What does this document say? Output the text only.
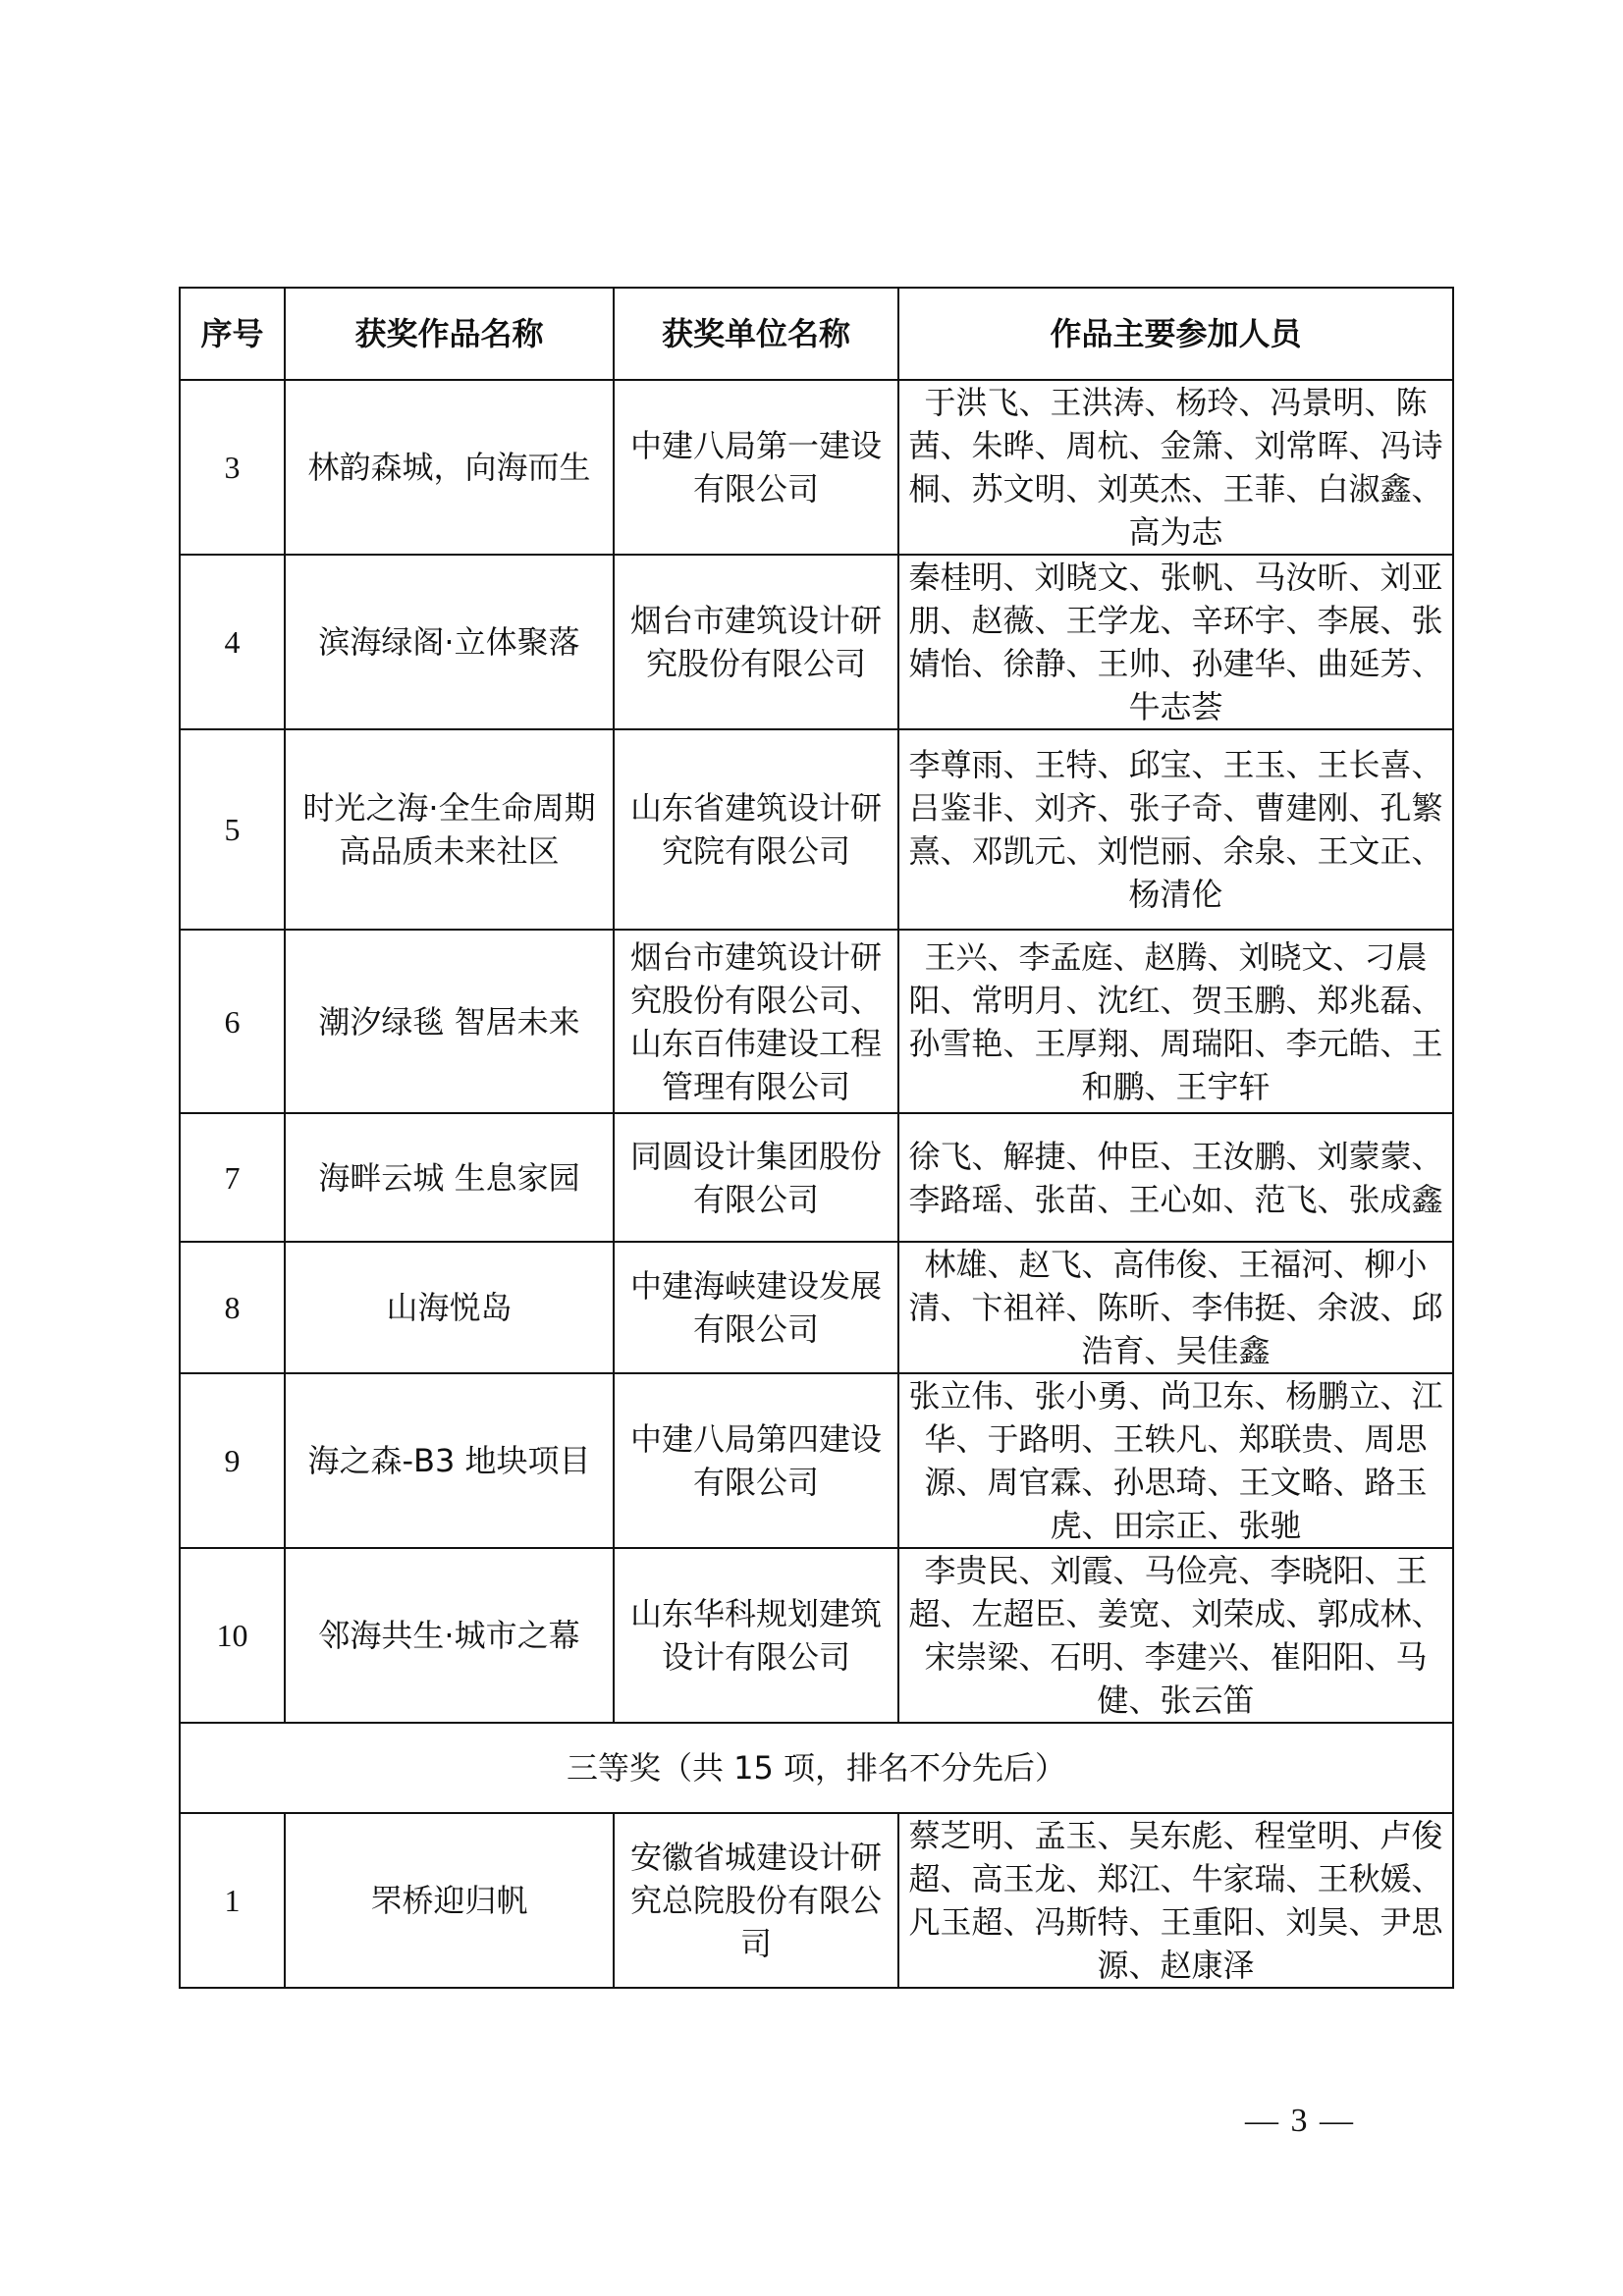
序号	获奖作品名称	获奖单位名称	作品主要参加人员
3	林韵森城，向海而生	中建八局第一建设有限公司	于洪飞、王洪涛、杨玲、冯景明、陈茜、朱晔、周杭、金箫、刘常晖、冯诗桐、苏文明、刘英杰、王菲、白淑鑫、高为志
4	滨海绿阁·立体聚落	烟台市建筑设计研究股份有限公司	秦桂明、刘晓文、张帆、马汝昕、刘亚朋、赵薇、王学龙、辛环宇、李展、张婧怡、徐静、王帅、孙建华、曲延芳、牛志荟
5	时光之海·全生命周期高品质未来社区	山东省建筑设计研究院有限公司	李尊雨、王特、邱宝、王玉、王长喜、吕鉴非、刘齐、张子奇、曹建刚、孔繁熹、邓凯元、刘恺丽、余泉、王文正、杨清伦
6	潮汐绿毯 智居未来	烟台市建筑设计研究股份有限公司、山东百伟建设工程管理有限公司	王兴、李孟庭、赵腾、刘晓文、刁晨阳、常明月、沈红、贺玉鹏、郑兆磊、孙雪艳、王厚翔、周瑞阳、李元皓、王和鹏、王宇轩
7	海畔云城 生息家园	同圆设计集团股份有限公司	徐飞、解捷、仲臣、王汝鹏、刘蒙蒙、李路瑶、张苗、王心如、范飞、张成鑫
8	山海悦岛	中建海峡建设发展有限公司	林雄、赵飞、高伟俊、王福河、柳小清、卞祖祥、陈昕、李伟挺、余波、邱浩育、吴佳鑫
9	海之森-B3 地块项目	中建八局第四建设有限公司	张立伟、张小勇、尚卫东、杨鹏立、江华、于路明、王轶凡、郑联贵、周思源、周官霖、孙思琦、王文略、路玉虎、田宗正、张驰
10	邻海共生·城市之幕	山东华科规划建筑设计有限公司	李贵民、刘霞、马俭亮、李晓阳、王超、左超臣、姜宽、刘荣成、郭成林、宋崇梁、石明、李建兴、崔阳阳、马健、张云笛
三等奖（共 15 项，排名不分先后）			
1	罘桥迎归帆	安徽省城建设计研究总院股份有限公司	蔡芝明、孟玉、吴东彪、程堂明、卢俊超、高玉龙、郑江、牛家瑞、王秋媛、凡玉超、冯斯特、王重阳、刘昊、尹思源、赵康泽
— 3 —
